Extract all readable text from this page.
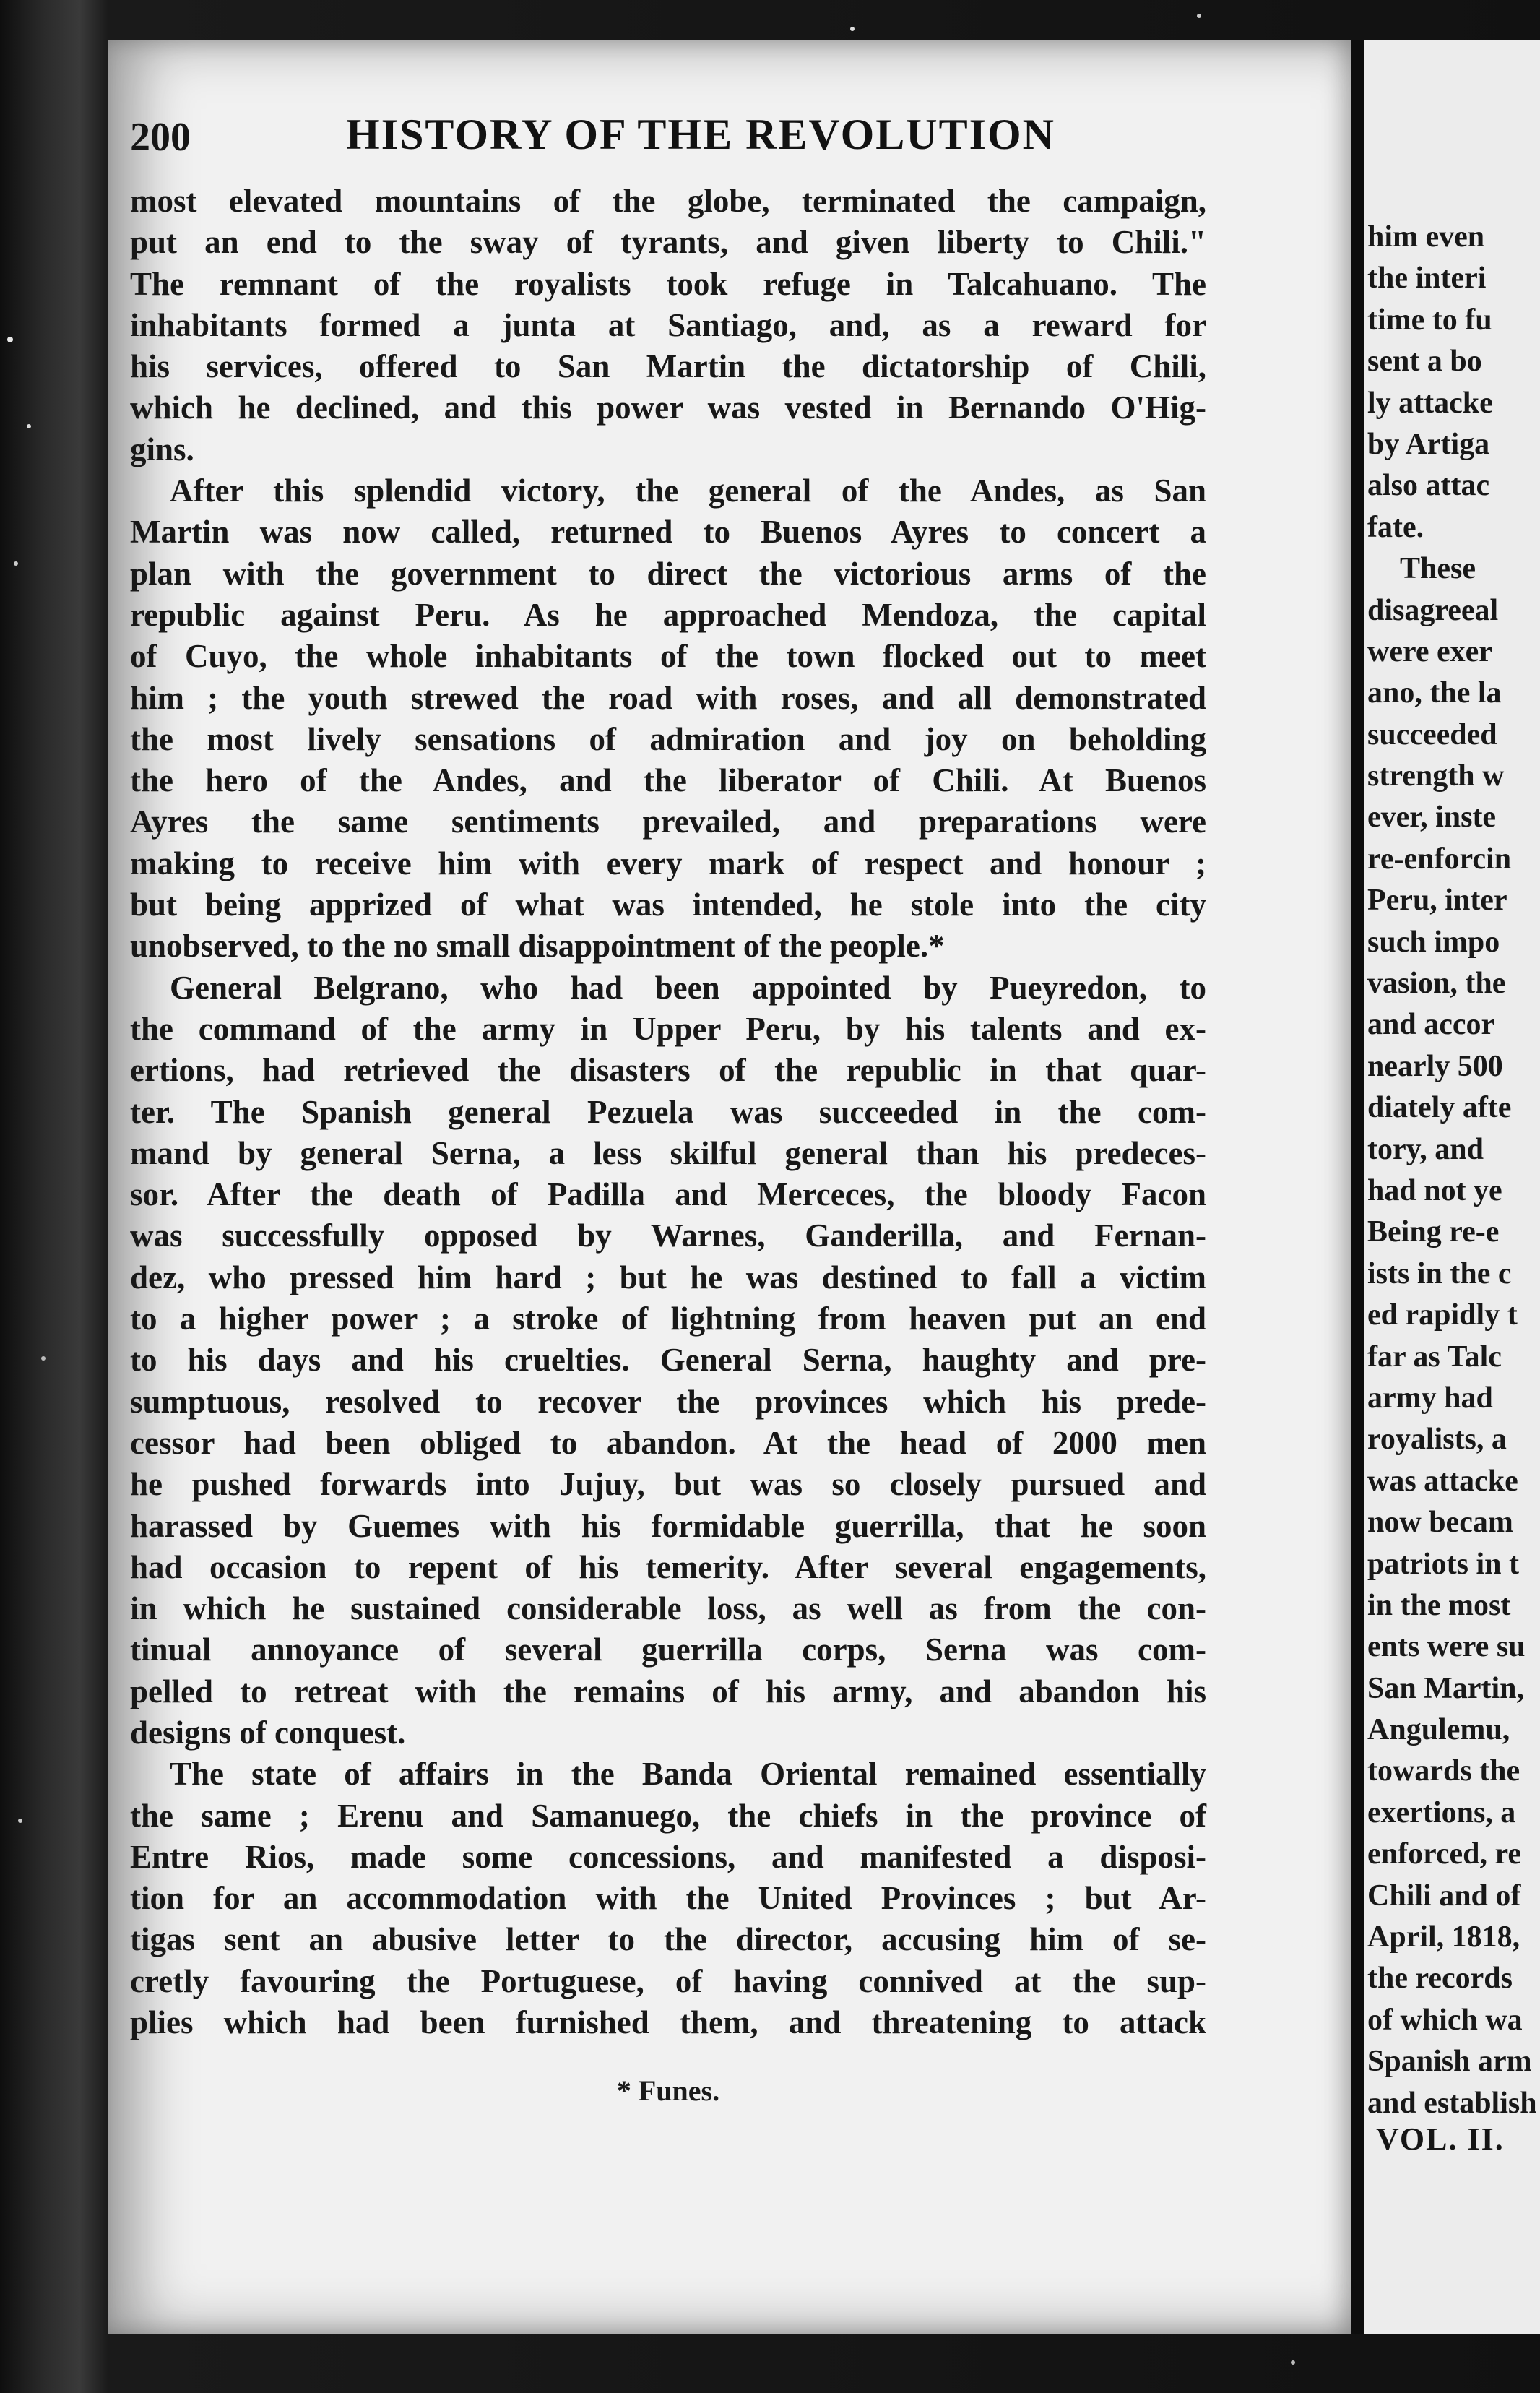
200	HISTORY OF THE REVOLUTION
most elevated mountains of the globe, terminated the campaign,
put an end to the sway of tyrants, and given liberty to Chili."
The remnant of the royalists took refuge in Talcahuano. The
inhabitants formed a junta at Santiago, and, as a reward for
his services, offered to San Martin the dictatorship of Chili,
which he declined, and this power was vested in Bernando O'Hig-
gins.
After this splendid victory, the general of the Andes, as San
Martin was now called, returned to Buenos Ayres to concert a
plan with the government to direct the victorious arms of the
republic against Peru. As he approached Mendoza, the capital
of Cuyo, the whole inhabitants of the town flocked out to meet
him ; the youth strewed the road with roses, and all demonstrated
the most lively sensations of admiration and joy on beholding
the hero of the Andes, and the liberator of Chili. At Buenos
Ayres the same sentiments prevailed, and preparations were
making to receive him with every mark of respect and honour ;
but being apprized of what was intended, he stole into the city
unobserved, to the no small disappointment of the people.*
General Belgrano, who had been appointed by Pueyredon, to
the command of the army in Upper Peru, by his talents and ex-
ertions, had retrieved the disasters of the republic in that quar-
ter. The Spanish general Pezuela was succeeded in the com-
mand by general Serna, a less skilful general than his predeces-
sor. After the death of Padilla and Merceces, the bloody Facon
was successfully opposed by Warnes, Ganderilla, and Fernan-
dez, who pressed him hard ; but he was destined to fall a victim
to a higher power ; a stroke of lightning from heaven put an end
to his days and his cruelties. General Serna, haughty and pre-
sumptuous, resolved to recover the provinces which his prede-
cessor had been obliged to abandon. At the head of 2000 men
he pushed forwards into Jujuy, but was so closely pursued and
harassed by Guemes with his formidable guerrilla, that he soon
had occasion to repent of his temerity. After several engagements,
in which he sustained considerable loss, as well as from the con-
tinual annoyance of several guerrilla corps, Serna was com-
pelled to retreat with the remains of his army, and abandon his
designs of conquest.
The state of affairs in the Banda Oriental remained essentially
the same ; Erenu and Samanuego, the chiefs in the province of
Entre Rios, made some concessions, and manifested a disposi-
tion for an accommodation with the United Provinces ; but Ar-
tigas sent an abusive letter to the director, accusing him of se-
cretly favouring the Portuguese, of having connived at the sup-
plies which had been furnished them, and threatening to attack
* Funes.
him even
the interi
time to fu
sent a bo
ly attacke
by Artiga
also attac
fate.
These
disagreeal
were exer
ano, the la
succeeded
strength w
ever, inste
re-enforcin
Peru, inter
such impo
vasion, the
and accor
nearly 500
diately afte
tory, and
had not ye
Being re-e
ists in the c
ed rapidly t
far as Talc
army had
royalists, a
was attacke
now becam
patriots in t
in the most
ents were su
San Martin,
Angulemu,
towards the
exertions, a
enforced, re
Chili and of
April, 1818,
the records
of which wa
Spanish arm
and establish
VOL. II.
